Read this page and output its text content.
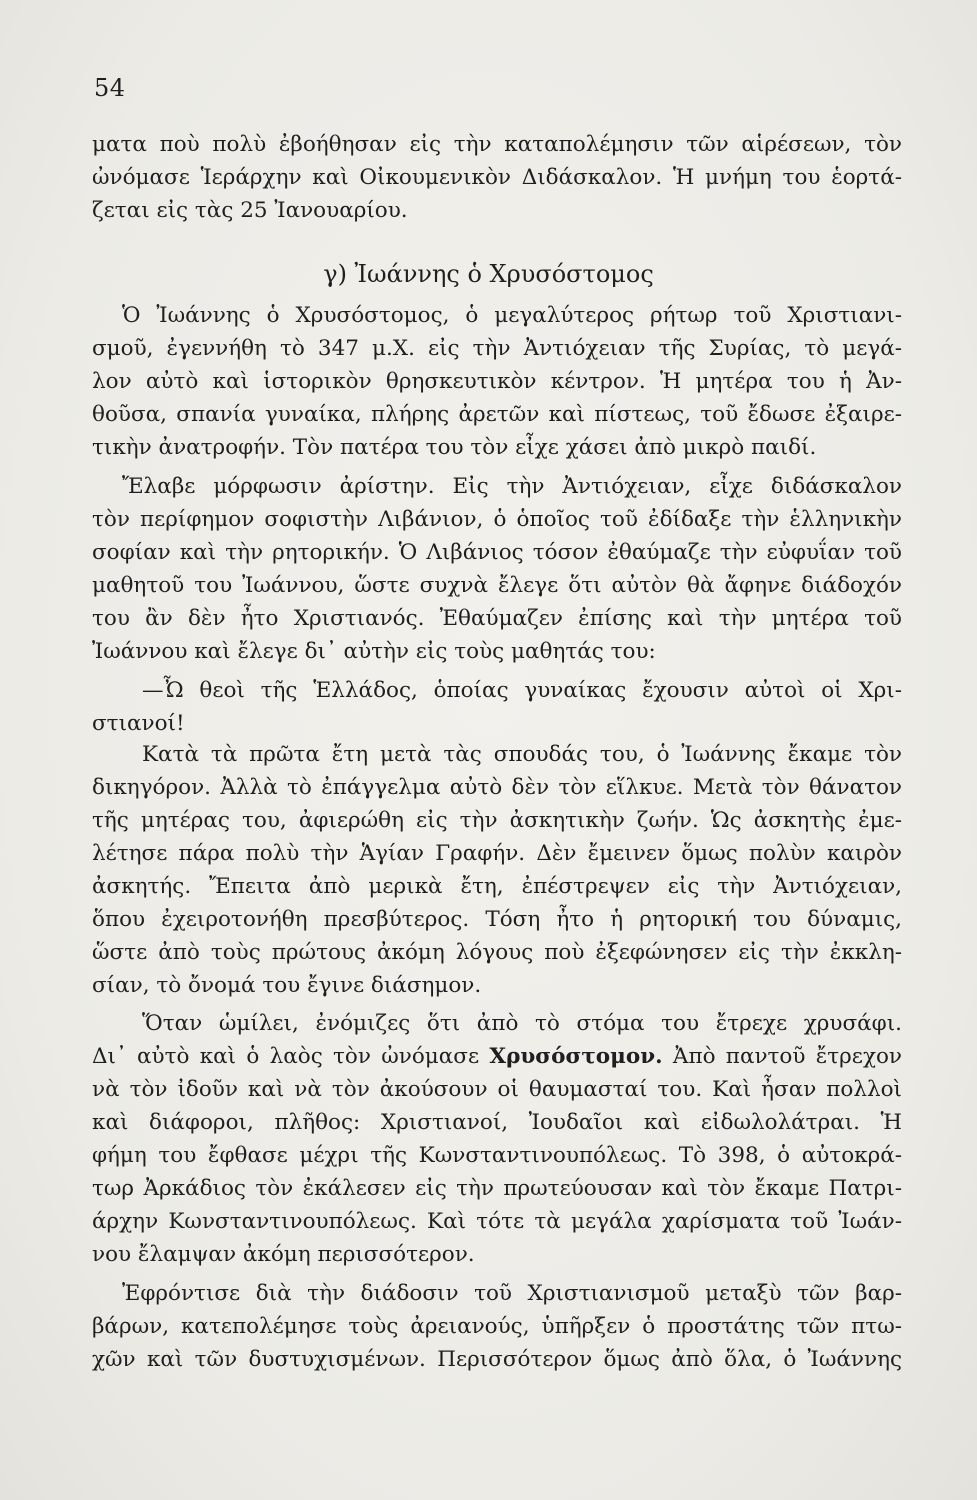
54
ματα ποὺ πολὺ ἐβοήθησαν εἰς τὴν καταπολέμησιν τῶν αἱρέσεων, τὸν
ὠνόμασε Ἱεράρχην καὶ Οἰκουμενικὸν Διδάσκαλον. Ἡ μνήμη του ἑορτά-
ζεται εἰς τὰς 25 Ἰανουαρίου.
γ) Ἰωάννης ὁ Χρυσόστομος
Ὁ Ἰωάννης ὁ Χρυσόστομος, ὁ μεγαλύτερος ρήτωρ τοῦ Χριστιανι-
σμοῦ, ἐγεννήθη τὸ 347 μ.Χ. εἰς τὴν Ἀντιόχειαν τῆς Συρίας, τὸ μεγά-
λον αὐτὸ καὶ ἱστορικὸν θρησκευτικὸν κέντρον. Ἡ μητέρα του ἡ Ἀν-
θοῦσα, σπανία γυναίκα, πλήρης ἀρετῶν καὶ πίστεως, τοῦ ἔδωσε ἐξαιρε-
τικὴν ἀνατροφήν. Τὸν πατέρα του τὸν εἶχε χάσει ἀπὸ μικρὸ παιδί.
Ἔλαβε μόρφωσιν ἀρίστην. Εἰς τὴν Ἀντιόχειαν, εἶχε διδάσκαλον
τὸν περίφημον σοφιστὴν Λιβάνιον, ὁ ὁποῖος τοῦ ἐδίδαξε τὴν ἑλληνικὴν
σοφίαν καὶ τὴν ρητορικήν. Ὁ Λιβάνιος τόσον ἐθαύμαζε τὴν εὐφυΐαν τοῦ
μαθητοῦ του Ἰωάννου, ὥστε συχνὰ ἔλεγε ὅτι αὐτὸν θὰ ἄφηνε διάδοχόν
του ἂν δὲν ἦτο Χριστιανός. Ἐθαύμαζεν ἐπίσης καὶ τὴν μητέρα τοῦ
Ἰωάννου καὶ ἔλεγε δι᾿ αὐτὴν εἰς τοὺς μαθητάς του:
—Ὦ θεοὶ τῆς Ἑλλάδος, ὁποίας γυναίκας ἔχουσιν αὐτοὶ οἱ Χρι-
στιανοί!
Κατὰ τὰ πρῶτα ἔτη μετὰ τὰς σπουδάς του, ὁ Ἰωάννης ἔκαμε τὸν
δικηγόρον. Ἀλλὰ τὸ ἐπάγγελμα αὐτὸ δὲν τὸν εἵλκυε. Μετὰ τὸν θάνατον
τῆς μητέρας του, ἀφιερώθη εἰς τὴν ἀσκητικὴν ζωήν. Ὡς ἀσκητὴς ἐμε-
λέτησε πάρα πολὺ τὴν Ἁγίαν Γραφήν. Δὲν ἔμεινεν ὅμως πολὺν καιρὸν
ἀσκητής. Ἔπειτα ἀπὸ μερικὰ ἔτη, ἐπέστρεψεν εἰς τὴν Ἀντιόχειαν,
ὅπου ἐχειροτονήθη πρεσβύτερος. Τόση ἦτο ἡ ρητορική του δύναμις,
ὥστε ἀπὸ τοὺς πρώτους ἀκόμη λόγους ποὺ ἐξεφώνησεν εἰς τὴν ἐκκλη-
σίαν, τὸ ὄνομά του ἔγινε διάσημον.
Ὅταν ὡμίλει, ἐνόμιζες ὅτι ἀπὸ τὸ στόμα του ἔτρεχε χρυσάφι.
Δι᾿ αὐτὸ καὶ ὁ λαὸς τὸν ὠνόμασε Χρυσόστομον. Ἀπὸ παντοῦ ἔτρεχον
νὰ τὸν ἰδοῦν καὶ νὰ τὸν ἀκούσουν οἱ θαυμασταί του. Καὶ ἦσαν πολλοὶ
καὶ διάφοροι, πλῆθος: Χριστιανοί, Ἰουδαῖοι καὶ εἰδωλολάτραι. Ἡ
φήμη του ἔφθασε μέχρι τῆς Κωνσταντινουπόλεως. Τὸ 398, ὁ αὐτοκρά-
τωρ Ἀρκάδιος τὸν ἐκάλεσεν εἰς τὴν πρωτεύουσαν καὶ τὸν ἔκαμε Πατρι-
άρχην Κωνσταντινουπόλεως. Καὶ τότε τὰ μεγάλα χαρίσματα τοῦ Ἰωάν-
νου ἔλαμψαν ἀκόμη περισσότερον.
Ἐφρόντισε διὰ τὴν διάδοσιν τοῦ Χριστιανισμοῦ μεταξὺ τῶν βαρ-
βάρων, κατεπολέμησε τοὺς ἀρειανούς, ὑπῆρξεν ὁ προστάτης τῶν πτω-
χῶν καὶ τῶν δυστυχισμένων. Περισσότερον ὅμως ἀπὸ ὅλα, ὁ Ἰωάννης
